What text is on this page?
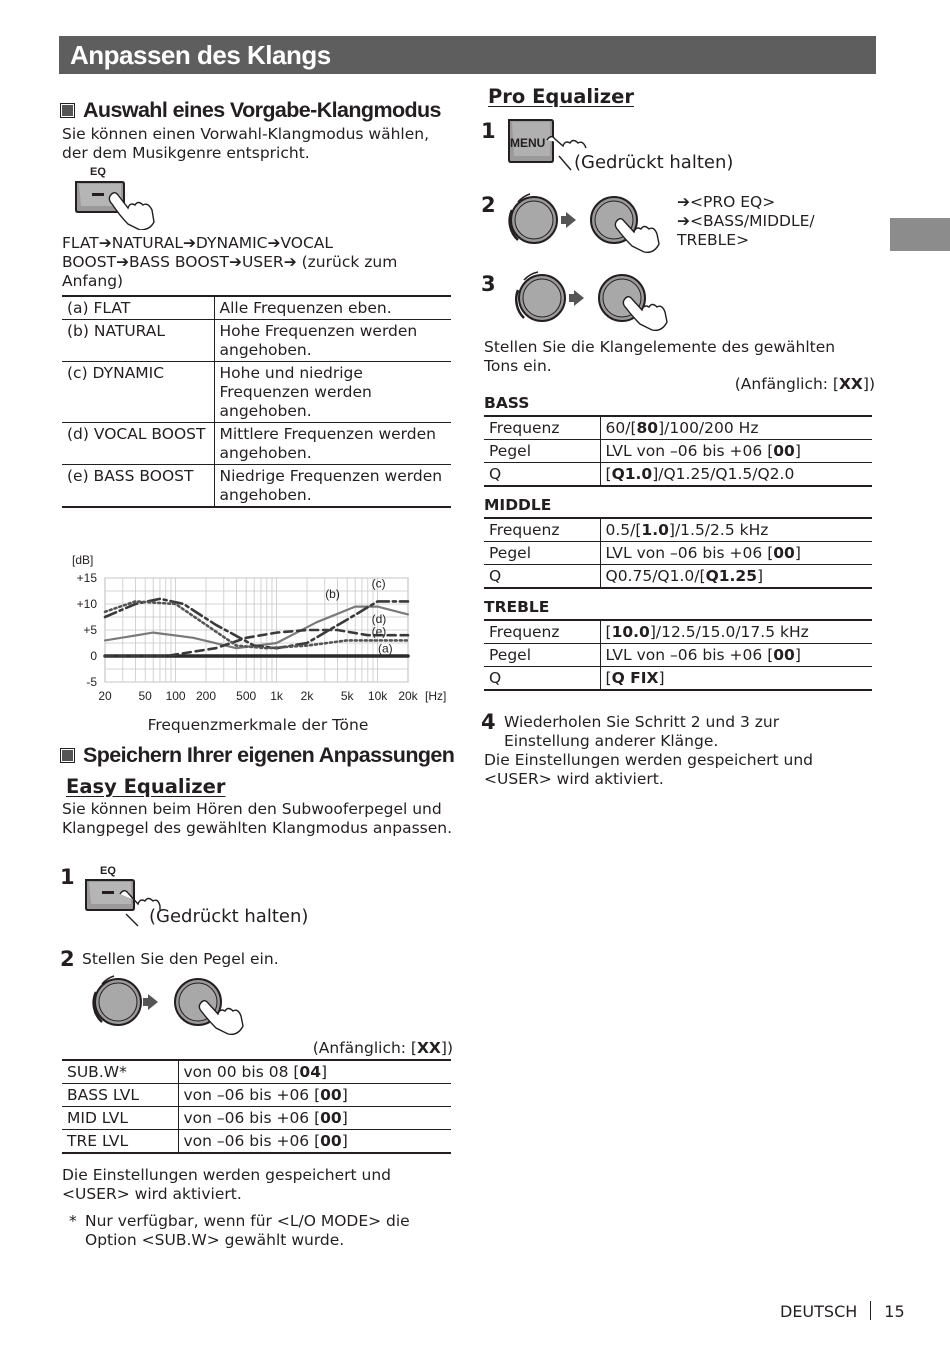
Anpassen des Klangs
Auswahl eines Vorgabe-Klangmodus
Sie können einen Vorwahl-Klangmodus wählen, der dem Musikgenre entspricht.
EQ
FLAT➔NATURAL➔DYNAMIC➔VOCAL BOOST➔BASS BOOST➔USER➔ (zurück zum Anfang)
(a) FLAT	Alle Frequenzen eben.
(b) NATURAL	Hohe Frequenzen werden angehoben.
(c) DYNAMIC	Hohe und niedrige Frequenzen werden angehoben.
(d) VOCAL BOOST	Mittlere Frequenzen werden angehoben.
(e) BASS BOOST	Niedrige Frequenzen werden angehoben.
20 50 100 200 500 1k 2k 5k 10k 20k
+15
+10
+5
0
-5
[dB]
[Hz]
(a)
(b)
(c)
(d)
(e)
Frequenzmerkmale der Töne
Speichern Ihrer eigenen Anpassungen
Easy Equalizer
Sie können beim Hören den Subwooferpegel und Klangpegel des gewählten Klangmodus anpassen.
1 EQ
(Gedrückt halten)
2 Stellen Sie den Pegel ein.
(Anfänglich: [XX])
SUB.W*	von 00 bis 08 [04]
BASS LVL	von –06 bis +06 [00]
MID LVL	von –06 bis +06 [00]
TRE LVL	von –06 bis +06 [00]
Die Einstellungen werden gespeichert und <USER> wird aktiviert.
* Nur verfügbar, wenn für <L/O MODE> die Option <SUB.W> gewählt wurde.
Pro Equalizer
1 MENU
(Gedrückt halten)
2	➔<PRO EQ>
➔<BASS/MIDDLE/
TREBLE>
3
Stellen Sie die Klangelemente des gewählten Tons ein.
(Anfänglich: [XX])
BASS
Frequenz	60/[80]/100/200 Hz
Pegel	LVL von –06 bis +06 [00]
Q	[Q1.0]/Q1.25/Q1.5/Q2.0
MIDDLE
Frequenz	0.5/[1.0]/1.5/2.5 kHz
Pegel	LVL von –06 bis +06 [00]
Q	Q0.75/Q1.0/[Q1.25]
TREBLE
Frequenz	[10.0]/12.5/15.0/17.5 kHz
Pegel	LVL von –06 bis +06 [00]
Q	[Q FIX]
4 Wiederholen Sie Schritt 2 und 3 zur Einstellung anderer Klänge.
Die Einstellungen werden gespeichert und <USER> wird aktiviert.
DEUTSCH 15
